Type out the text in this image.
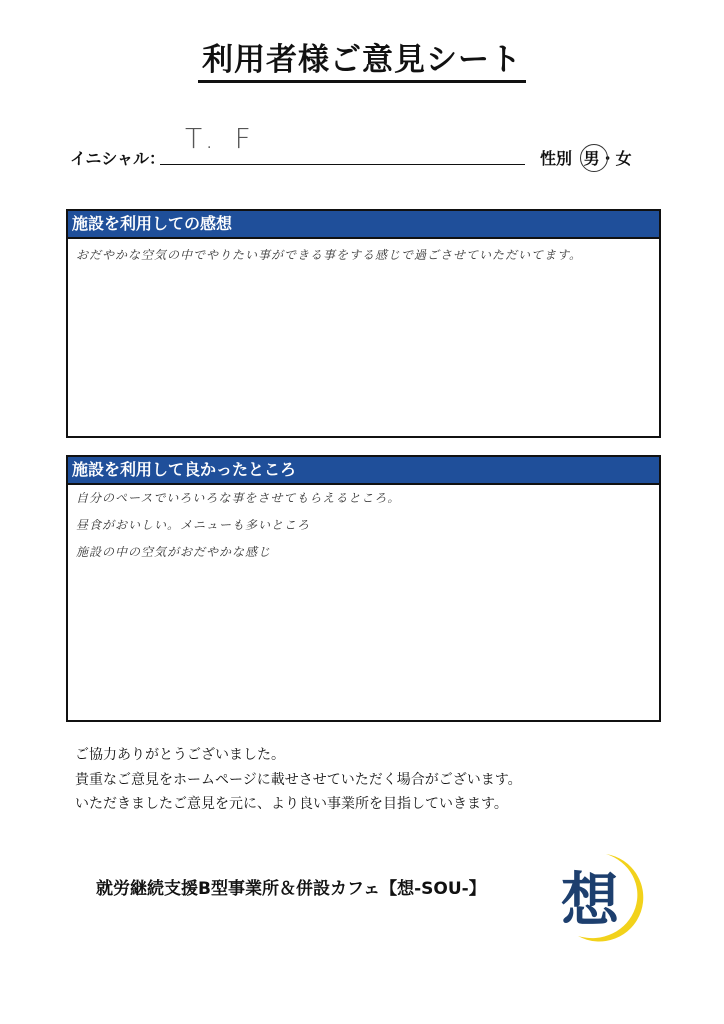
利用者様ご意見シート
イニシャル：
T. F
性別 男・女
施設を利用しての感想
おだやかな空気の中でやりたい事ができる事をする感じで過ごさせていただいてます。
施設を利用して良かったところ
自分のペースでいろいろな事をさせてもらえるところ。
昼食がおいしい。メニューも多いところ
施設の中の空気がおだやかな感じ
ご協力ありがとうございました。
貴重なご意見をホームページに載せさせていただく場合がございます。
いただきましたご意見を元に、より良い事業所を目指していきます。
就労継続支援B型事業所＆併設カフェ【想-SOU-】 想
